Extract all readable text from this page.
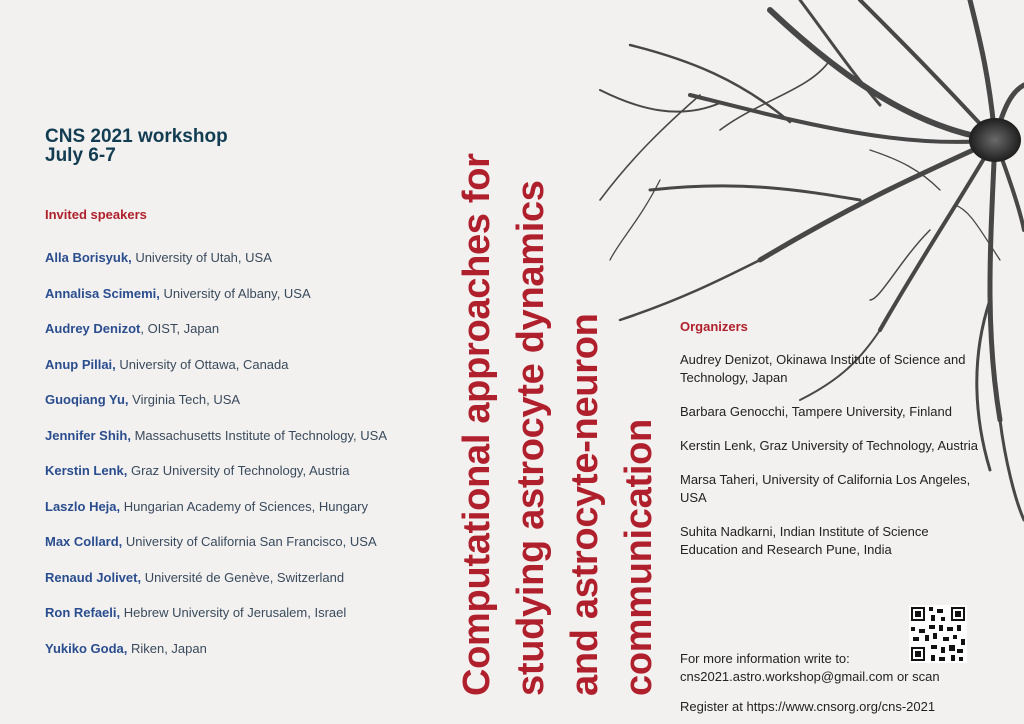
CNS 2021 workshop
July 6-7
Invited speakers
Alla Borisyuk, University of Utah, USA
Annalisa Scimemi, University of Albany, USA
Audrey Denizot, OIST, Japan
Anup Pillai, University of Ottawa, Canada
Guoqiang Yu, Virginia Tech, USA
Jennifer Shih, Massachusetts Institute of Technology, USA
Kerstin Lenk, Graz University of Technology, Austria
Laszlo Heja, Hungarian Academy of Sciences, Hungary
Max Collard, University of California San Francisco, USA
Renaud Jolivet, Université de Genève, Switzerland
Ron Refaeli, Hebrew University of Jerusalem, Israel
Yukiko Goda, Riken, Japan	Computational approaches for studying astrocyte dynamics and astrocyte-neuron communication
Organizers
Audrey Denizot, Okinawa Institute of Science and Technology, Japan
Barbara Genocchi, Tampere University, Finland
Kerstin Lenk, Graz University of Technology, Austria
Marsa Taheri, University of California Los Angeles, USA
Suhita Nadkarni, Indian Institute of Science Education and Research Pune, India
For more information write to:
cns2021.astro.workshop@gmail.com or scan
Register at https://www.cnsorg.org/cns-2021
